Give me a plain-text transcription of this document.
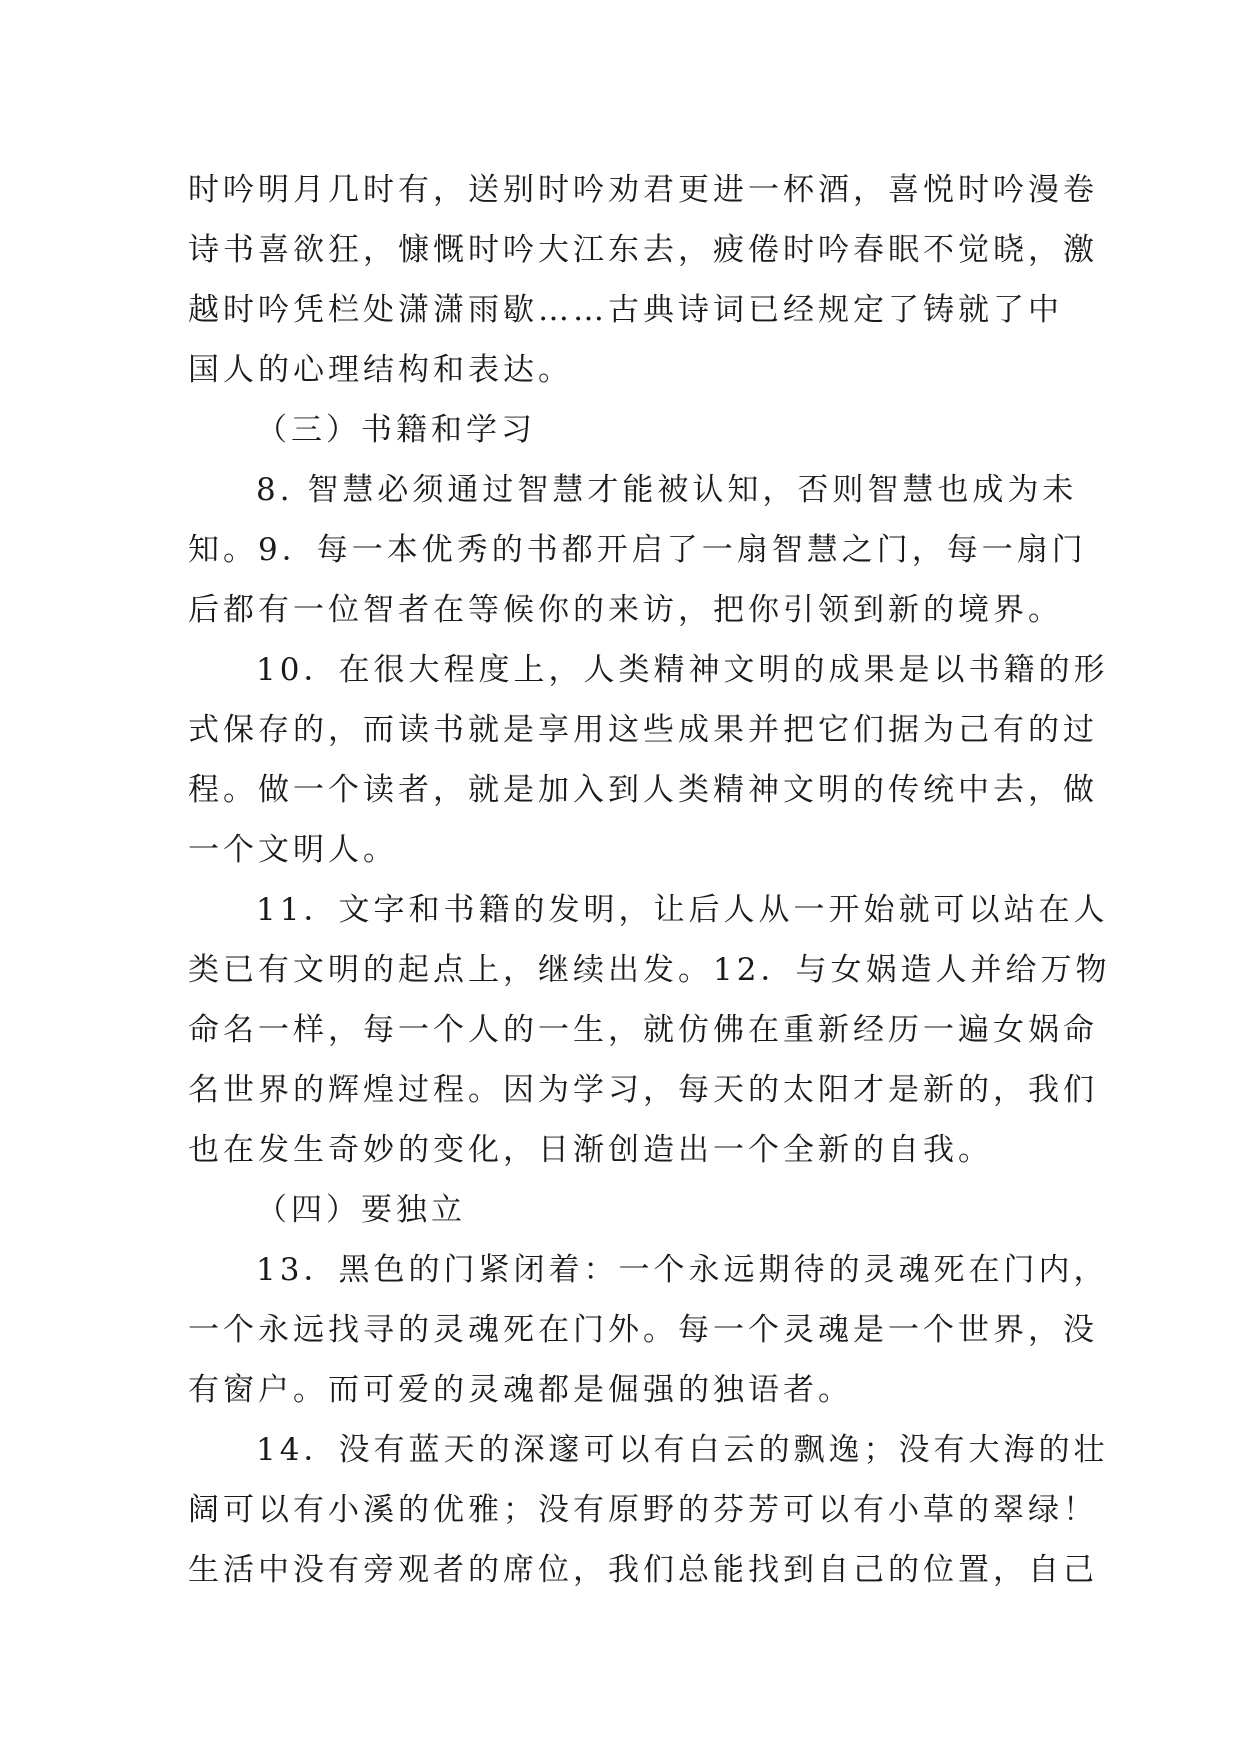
时吟明月几时有，送别时吟劝君更进一杯酒，喜悦时吟漫卷
诗书喜欲狂，慷慨时吟大江东去，疲倦时吟春眠不觉晓，激
越时吟凭栏处潇潇雨歇……古典诗词已经规定了铸就了中
国人的心理结构和表达。
（三）书籍和学习
8. 智慧必须通过智慧才能被认知，否则智慧也成为未
知。9．每一本优秀的书都开启了一扇智慧之门，每一扇门
后都有一位智者在等候你的来访，把你引领到新的境界。
10．在很大程度上，人类精神文明的成果是以书籍的形
式保存的，而读书就是享用这些成果并把它们据为己有的过
程。做一个读者，就是加入到人类精神文明的传统中去，做
一个文明人。
11．文字和书籍的发明，让后人从一开始就可以站在人
类已有文明的起点上，继续出发。12．与女娲造人并给万物
命名一样，每一个人的一生，就仿佛在重新经历一遍女娲命
名世界的辉煌过程。因为学习，每天的太阳才是新的，我们
也在发生奇妙的变化，日渐创造出一个全新的自我。
（四）要独立
13．黑色的门紧闭着：一个永远期待的灵魂死在门内，
一个永远找寻的灵魂死在门外。每一个灵魂是一个世界，没
有窗户。而可爱的灵魂都是倔强的独语者。
14．没有蓝天的深邃可以有白云的飘逸；没有大海的壮
阔可以有小溪的优雅；没有原野的芬芳可以有小草的翠绿！
生活中没有旁观者的席位，我们总能找到自己的位置，自己
